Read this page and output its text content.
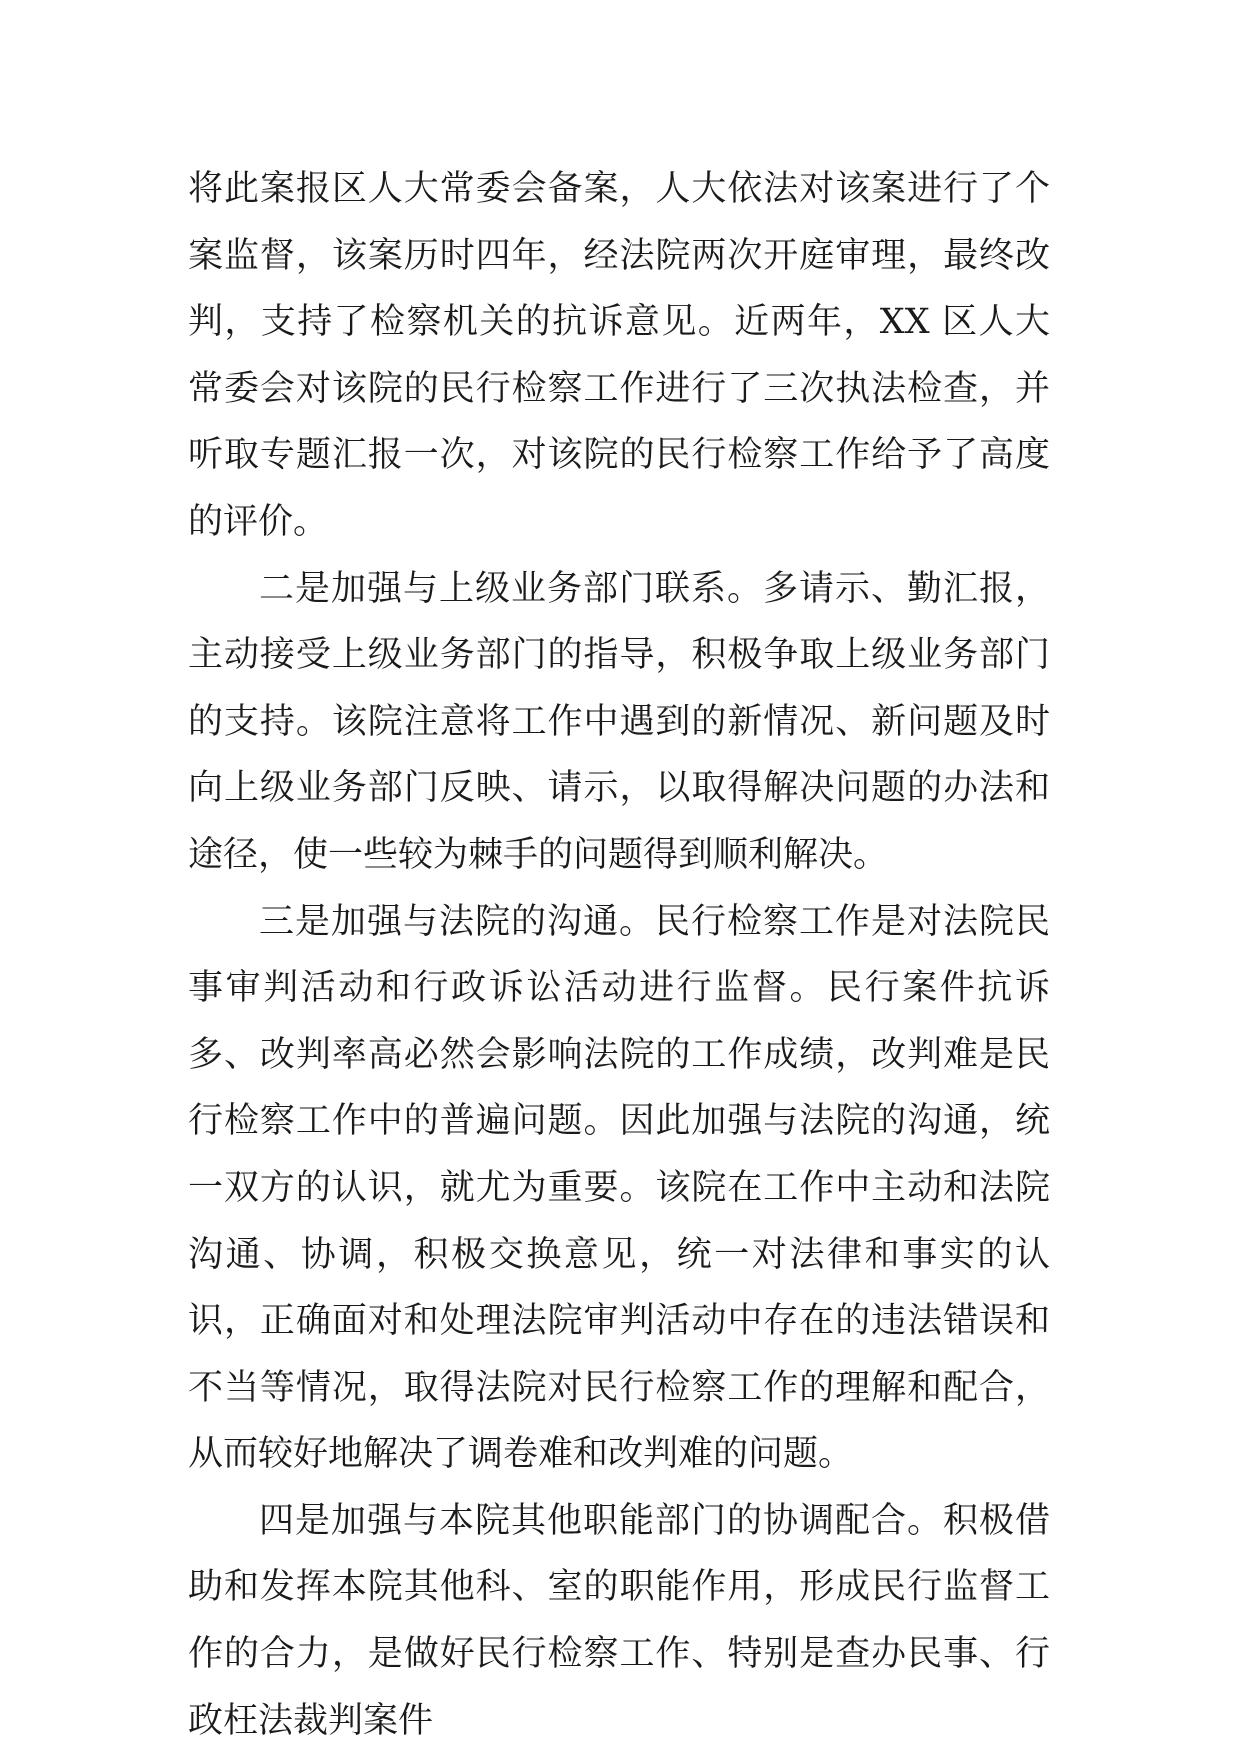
将此案报区人大常委会备案，人大依法对该案进行了个案监督，该案历时四年，经法院两次开庭审理，最终改判，支持了检察机关的抗诉意见。近两年，XX 区人大常委会对该院的民行检察工作进行了三次执法检查，并听取专题汇报一次，对该院的民行检察工作给予了高度的评价。

二是加强与上级业务部门联系。多请示、勤汇报，主动接受上级业务部门的指导，积极争取上级业务部门的支持。该院注意将工作中遇到的新情况、新问题及时向上级业务部门反映、请示，以取得解决问题的办法和途径，使一些较为棘手的问题得到顺利解决。

三是加强与法院的沟通。民行检察工作是对法院民事审判活动和行政诉讼活动进行监督。民行案件抗诉多、改判率高必然会影响法院的工作成绩，改判难是民行检察工作中的普遍问题。因此加强与法院的沟通，统一双方的认识，就尤为重要。该院在工作中主动和法院沟通、协调，积极交换意见，统一对法律和事实的认识，正确面对和处理法院审判活动中存在的违法错误和不当等情况，取得法院对民行检察工作的理解和配合，从而较好地解决了调卷难和改判难的问题。

四是加强与本院其他职能部门的协调配合。积极借助和发挥本院其他科、室的职能作用，形成民行监督工作的合力，是做好民行检察工作、特别是查办民事、行政枉法裁判案件
